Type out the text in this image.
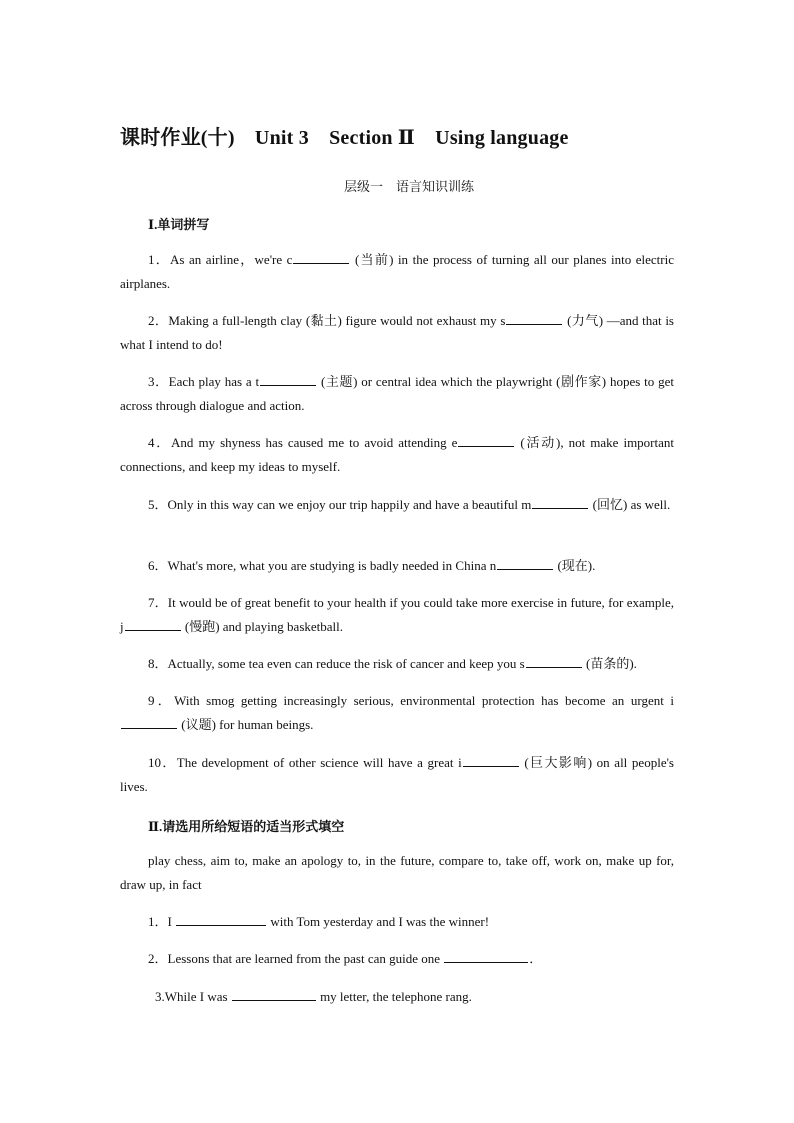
课时作业(十)　Unit 3　Section Ⅱ　Using language
层级一　语言知识训练
Ⅰ.单词拼写
1．As an airline，we're c	(当前) in the process of turning all our planes into electric airplanes.
2．Making a full-length clay (黏土) figure would not exhaust my s	(力气) —and that is what I intend to do!
3．Each play has a t	(主题) or central idea which the playwright (剧作家) hopes to get across through dialogue and action.
4．And my shyness has caused me to avoid attending e	(活动), not make important connections, and keep my ideas to myself.
5．Only in this way can we enjoy our trip happily and have a beautiful m	(回忆) as well.
6．What's more, what you are studying is badly needed in China n	(现在).
7．It would be of great benefit to your health if you could take more exercise in future, for example, j	(慢跑) and playing basketball.
8．Actually, some tea even can reduce the risk of cancer and keep you s	(苗条的).
9．With smog getting increasingly serious, environmental protection has become an urgent i (议题) for human beings.
10．The development of other science will have a great i	(巨大影响) on all people's lives.
Ⅱ.请选用所给短语的适当形式填空
play chess, aim to, make an apology to, in the future, compare to, take off, work on, make up for, draw up, in fact
1．I	with Tom yesterday and I was the winner!
2．Lessons that are learned from the past can guide one	．
3.While I was	my letter, the telephone rang.
